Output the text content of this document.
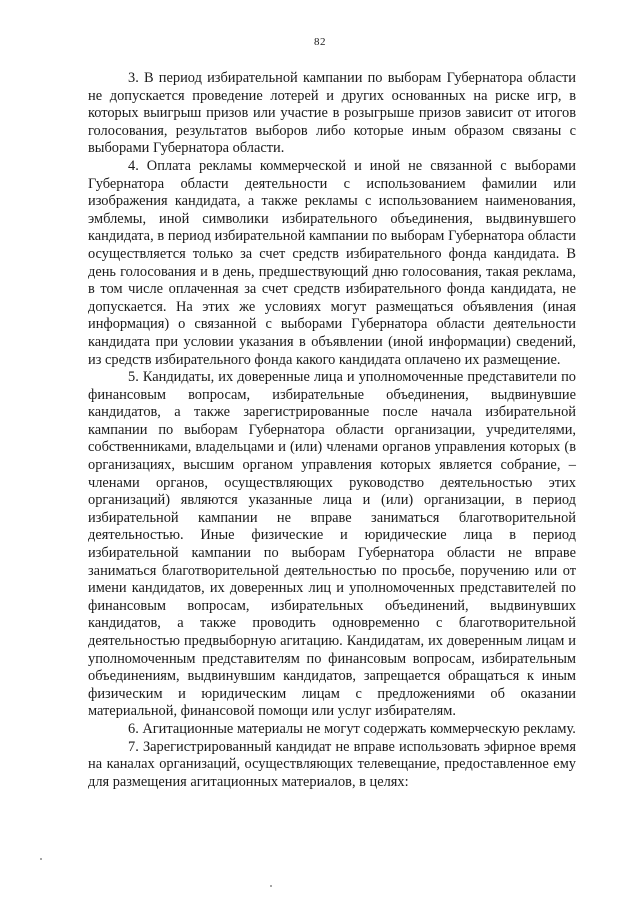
82

3. В период избирательной кампании по выборам Губернатора области не допускается проведение лотерей и других основанных на риске игр, в которых выигрыш призов или участие в розыгрыше призов зависит от итогов голосования, результатов выборов либо которые иным образом связаны с выборами Губернатора области.

4. Оплата рекламы коммерческой и иной не связанной с выборами Губернатора области деятельности с использованием фамилии или изображения кандидата, а также рекламы с использованием наименования, эмблемы, иной символики избирательного объединения, выдвинувшего кандидата, в период избирательной кампании по выборам Губернатора области осуществляется только за счет средств избирательного фонда кандидата. В день голосования и в день, предшествующий дню голосования, такая реклама, в том числе оплаченная за счет средств избирательного фонда кандидата, не допускается. На этих же условиях могут размещаться объявления (иная информация) о связанной с выборами Губернатора области деятельности кандидата при условии указания в объявлении (иной информации) сведений, из средств избирательного фонда какого кандидата оплачено их размещение.

5. Кандидаты, их доверенные лица и уполномоченные представители по финансовым вопросам, избирательные объединения, выдвинувшие кандидатов, а также зарегистрированные после начала избирательной кампании по выборам Губернатора области организации, учредителями, собственниками, владельцами и (или) членами органов управления которых (в организациях, высшим органом управления которых является собрание, – членами органов, осуществляющих руководство деятельностью этих организаций) являются указанные лица и (или) организации, в период избирательной кампании не вправе заниматься благотворительной деятельностью. Иные физические и юридические лица в период избирательной кампании по выборам Губернатора области не вправе заниматься благотворительной деятельностью по просьбе, поручению или от имени кандидатов, их доверенных лиц и уполномоченных представителей по финансовым вопросам, избирательных объединений, выдвинувших кандидатов, а также проводить одновременно с благотворительной деятельностью предвыборную агитацию. Кандидатам, их доверенным лицам и уполномоченным представителям по финансовым вопросам, избирательным объединениям, выдвинувшим кандидатов, запрещается обращаться к иным физическим и юридическим лицам с предложениями об оказании материальной, финансовой помощи или услуг избирателям.

6. Агитационные материалы не могут содержать коммерческую рекламу.

7. Зарегистрированный кандидат не вправе использовать эфирное время на каналах организаций, осуществляющих телевещание, предоставленное ему для размещения агитационных материалов, в целях:
